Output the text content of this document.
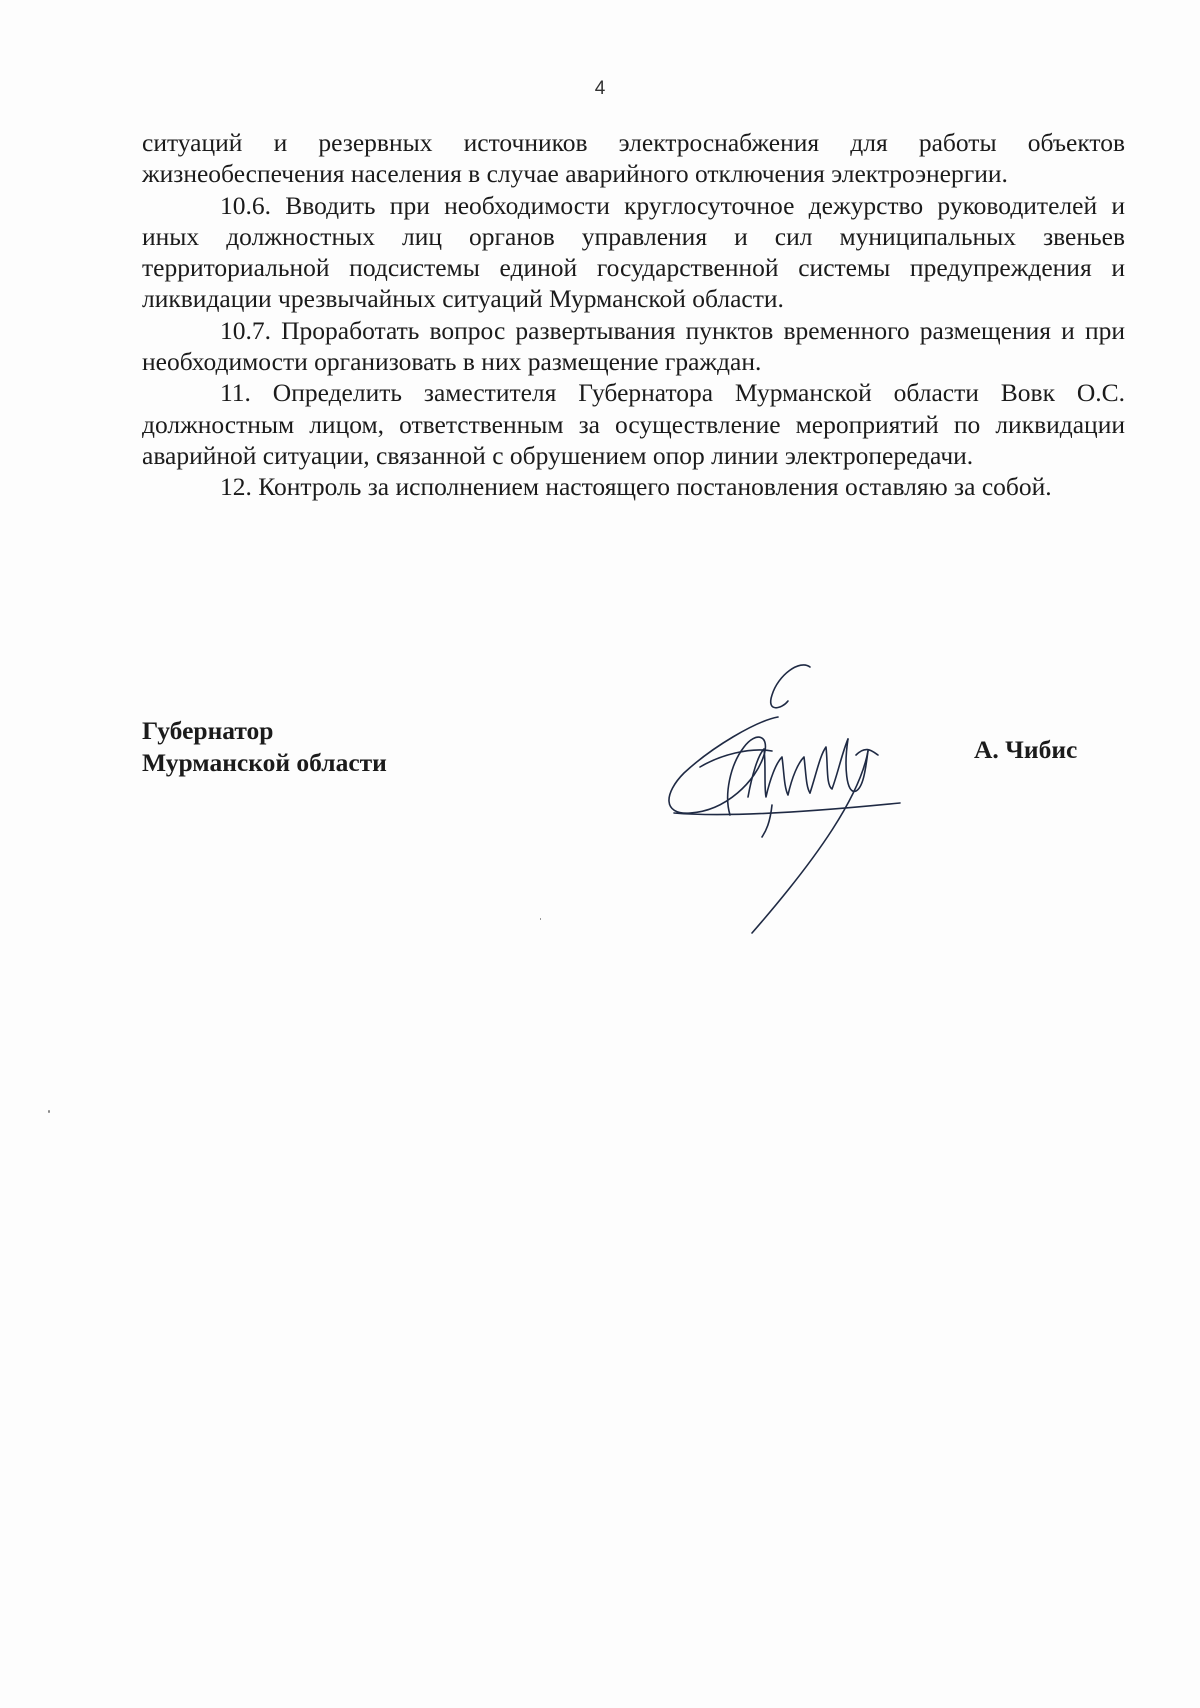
4

ситуаций и резервных источников электроснабжения для работы объектов жизнеобеспечения населения в случае аварийного отключения электроэнергии.

10.6. Вводить при необходимости круглосуточное дежурство руководителей и иных должностных лиц органов управления и сил муниципальных звеньев территориальной подсистемы единой государственной системы предупреждения и ликвидации чрезвычайных ситуаций Мурманской области.

10.7. Проработать вопрос развертывания пунктов временного размещения и при необходимости организовать в них размещение граждан.

11. Определить заместителя Губернатора Мурманской области Вовк О.С. должностным лицом, ответственным за осуществление мероприятий по ликвидации аварийной ситуации, связанной с обрушением опор линии электропередачи.

12. Контроль за исполнением настоящего постановления оставляю за собой.

Губернатор
Мурманской области	А. Чибис
